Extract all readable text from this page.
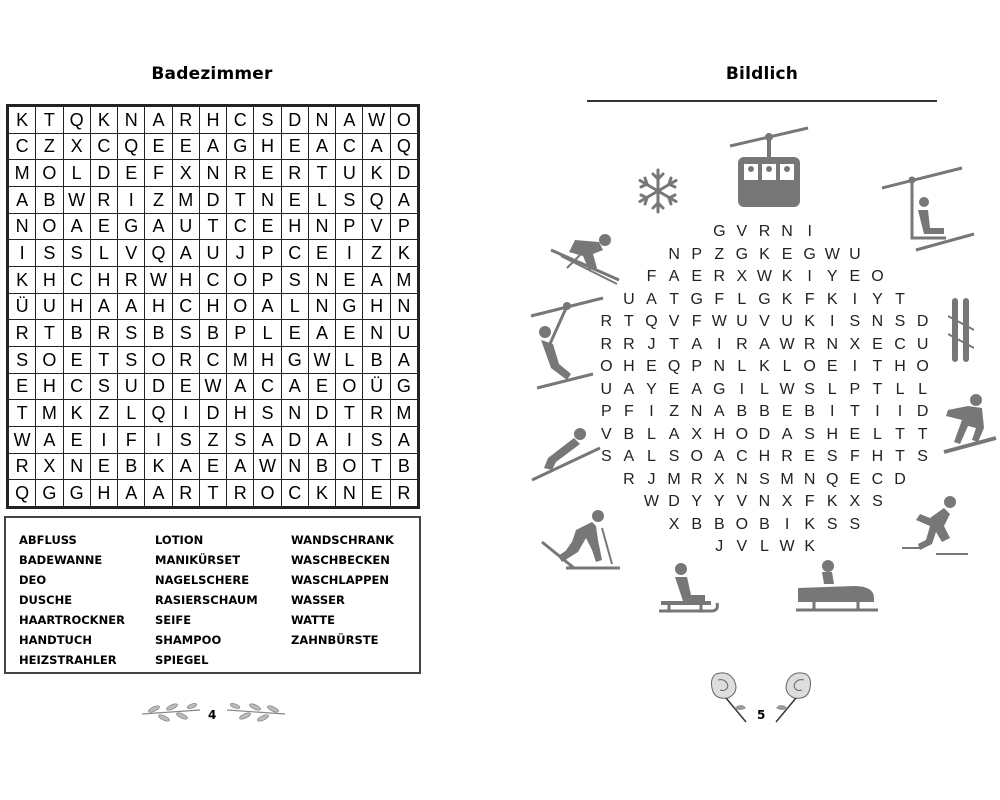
Badezimmer
K	T	Q	K	N	A	R	H	C	S	D	N	A	W	O
C	Z	X	C	Q	E	E	A	G	H	E	A	C	A	Q
M	O	L	D	E	F	X	N	R	E	R	T	U	K	D
A	B	W	R	I	Z	M	D	T	N	E	L	S	Q	A
N	O	A	E	G	A	U	T	C	E	H	N	P	V	P
I	S	S	L	V	Q	A	U	J	P	C	E	I	Z	K
K	H	C	H	R	W	H	C	O	P	S	N	E	A	M
Ü	U	H	A	A	H	C	H	O	A	L	N	G	H	N
R	T	B	R	S	B	S	B	P	L	E	A	E	N	U
S	O	E	T	S	O	R	C	M	H	G	W	L	B	A
E	H	C	S	U	D	E	W	A	C	A	E	O	Ü	G
T	M	K	Z	L	Q	I	D	H	S	N	D	T	R	M
W	A	E	I	F	I	S	Z	S	A	D	A	I	S	A
R	X	N	E	B	K	A	E	A	W	N	B	O	T	B
Q	G	G	H	A	A	R	T	R	O	C	K	N	E	R
ABFLUSS
BADEWANNE
DEO
DUSCHE
HAARTROCKNER
HANDTUCH
HEIZSTRAHLER
LOTION
MANIKÜRSET
NAGELSCHERE
RASIERSCHAUM
SEIFE
SHAMPOO
SPIEGEL
WANDSCHRANK
WASCHBECKEN
WASCHLAPPEN
WASSER
WATTE
ZAHNBÜRSTE
4
Bildlich
G V R N I
N P Z G K E G W U
F A E R X W K I Y E O
U A T G F L G K F K I Y T
R T Q V F W U V U K I S N S D
R R J T A I R A W R N X E C U
O H E Q P N L K L O E I T H O
U A Y E A G I L W S L P T L L
P F I Z N A B B E B I T I I D
V B L A X H O D A S H E L T T
S A L S O A C H R E S F H T S
R J M R X N S M N Q E C D
W D Y Y V N X F K X S
X B B O B I K S S
J V L W K
5
